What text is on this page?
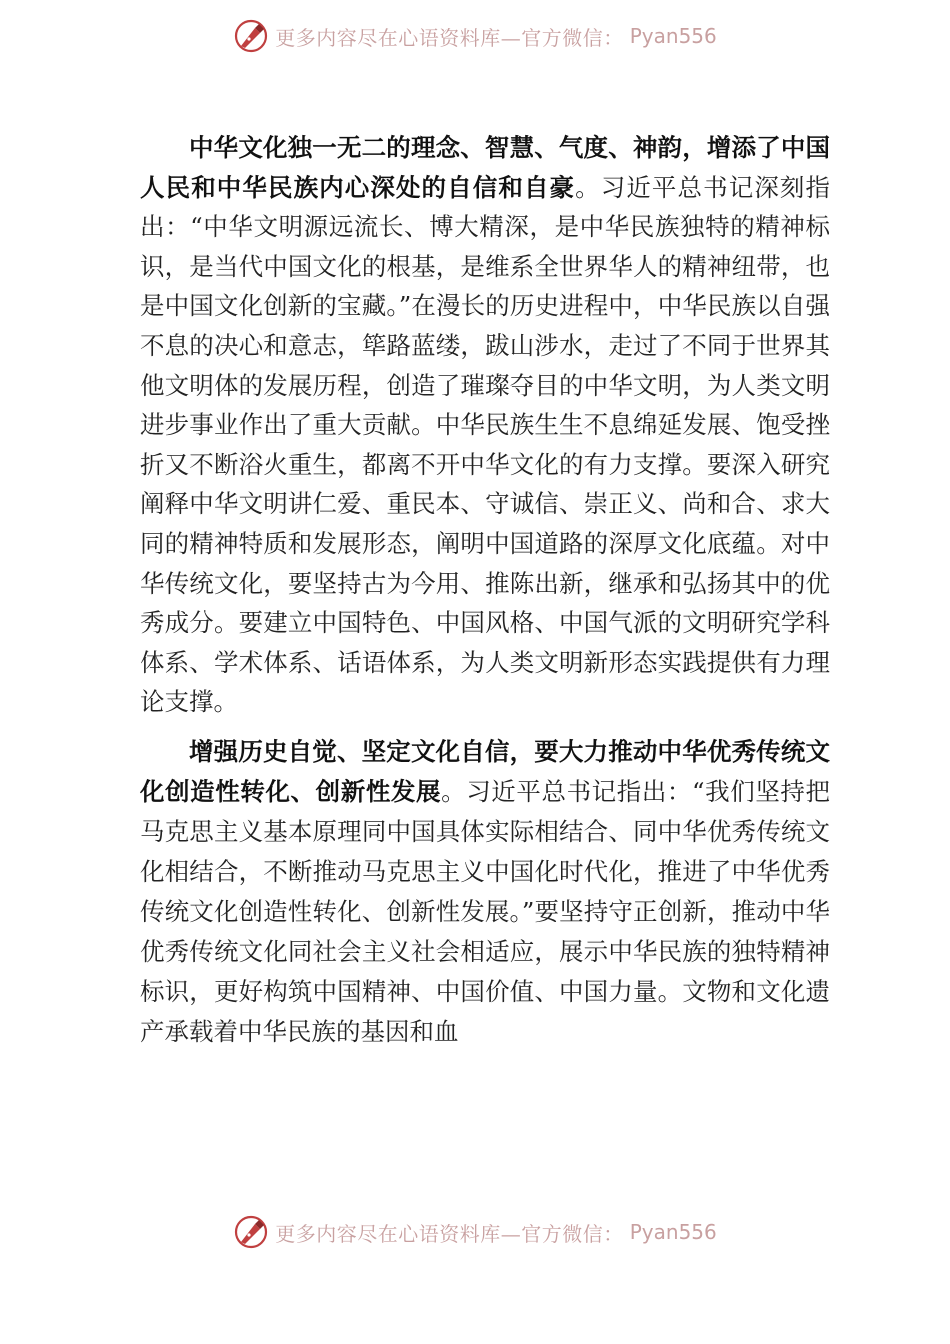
更多内容尽在心语资料库—官方微信： Pyan556

中华文化独一无二的理念、智慧、气度、神韵，增添了中国人民和中华民族内心深处的自信和自豪。习近平总书记深刻指出：“中华文明源远流长、博大精深，是中华民族独特的精神标识，是当代中国文化的根基，是维系全世界华人的精神纽带，也是中国文化创新的宝藏。”在漫长的历史进程中，中华民族以自强不息的决心和意志，筚路蓝缕，跋山涉水，走过了不同于世界其他文明体的发展历程，创造了璀璨夺目的中华文明，为人类文明进步事业作出了重大贡献。中华民族生生不息绵延发展、饱受挫折又不断浴火重生，都离不开中华文化的有力支撑。要深入研究阐释中华文明讲仁爱、重民本、守诚信、崇正义、尚和合、求大同的精神特质和发展形态，阐明中国道路的深厚文化底蕴。对中华传统文化，要坚持古为今用、推陈出新，继承和弘扬其中的优秀成分。要建立中国特色、中国风格、中国气派的文明研究学科体系、学术体系、话语体系，为人类文明新形态实践提供有力理论支撑。

增强历史自觉、坚定文化自信，要大力推动中华优秀传统文化创造性转化、创新性发展。习近平总书记指出：“我们坚持把马克思主义基本原理同中国具体实际相结合、同中华优秀传统文化相结合，不断推动马克思主义中国化时代化，推进了中华优秀传统文化创造性转化、创新性发展。”要坚持守正创新，推动中华优秀传统文化同社会主义社会相适应，展示中华民族的独特精神标识，更好构筑中国精神、中国价值、中国力量。文物和文化遗产承载着中华民族的基因和血

更多内容尽在心语资料库—官方微信： Pyan556
